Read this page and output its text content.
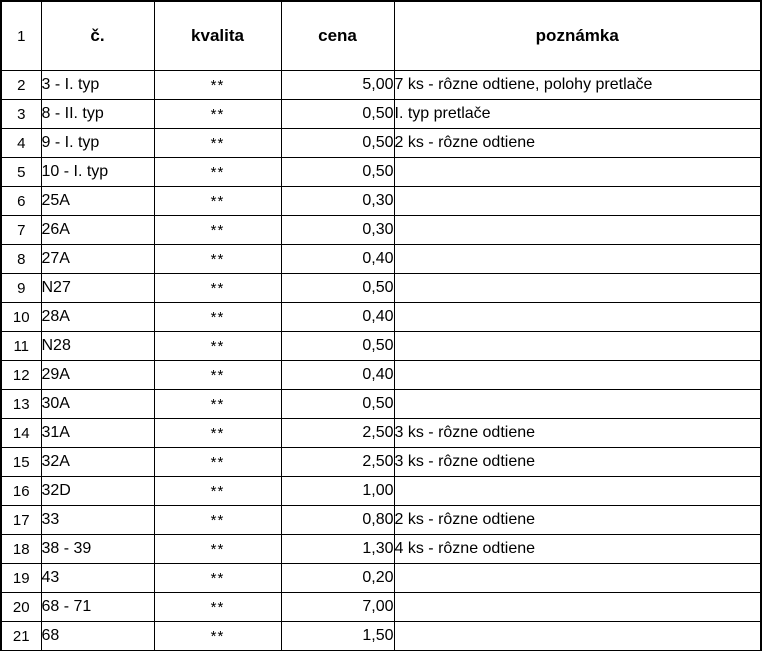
1	č.	kvalita	cena	poznámka
2	3 - I. typ	**	5,00	7 ks - rôzne odtiene, polohy pretlače
3	8 - II. typ	**	0,50	I. typ pretlače
4	9 - I. typ	**	0,50	2 ks - rôzne odtiene
5	10 - I. typ	**	0,50	
6	25A	**	0,30	
7	26A	**	0,30	
8	27A	**	0,40	
9	N27	**	0,50	
10	28A	**	0,40	
11	N28	**	0,50	
12	29A	**	0,40	
13	30A	**	0,50	
14	31A	**	2,50	3 ks - rôzne odtiene
15	32A	**	2,50	3 ks - rôzne odtiene
16	32D	**	1,00	
17	33	**	0,80	2 ks - rôzne odtiene
18	38 - 39	**	1,30	4 ks - rôzne odtiene
19	43	**	0,20	
20	68 - 71	**	7,00	
21	68	**	1,50	
